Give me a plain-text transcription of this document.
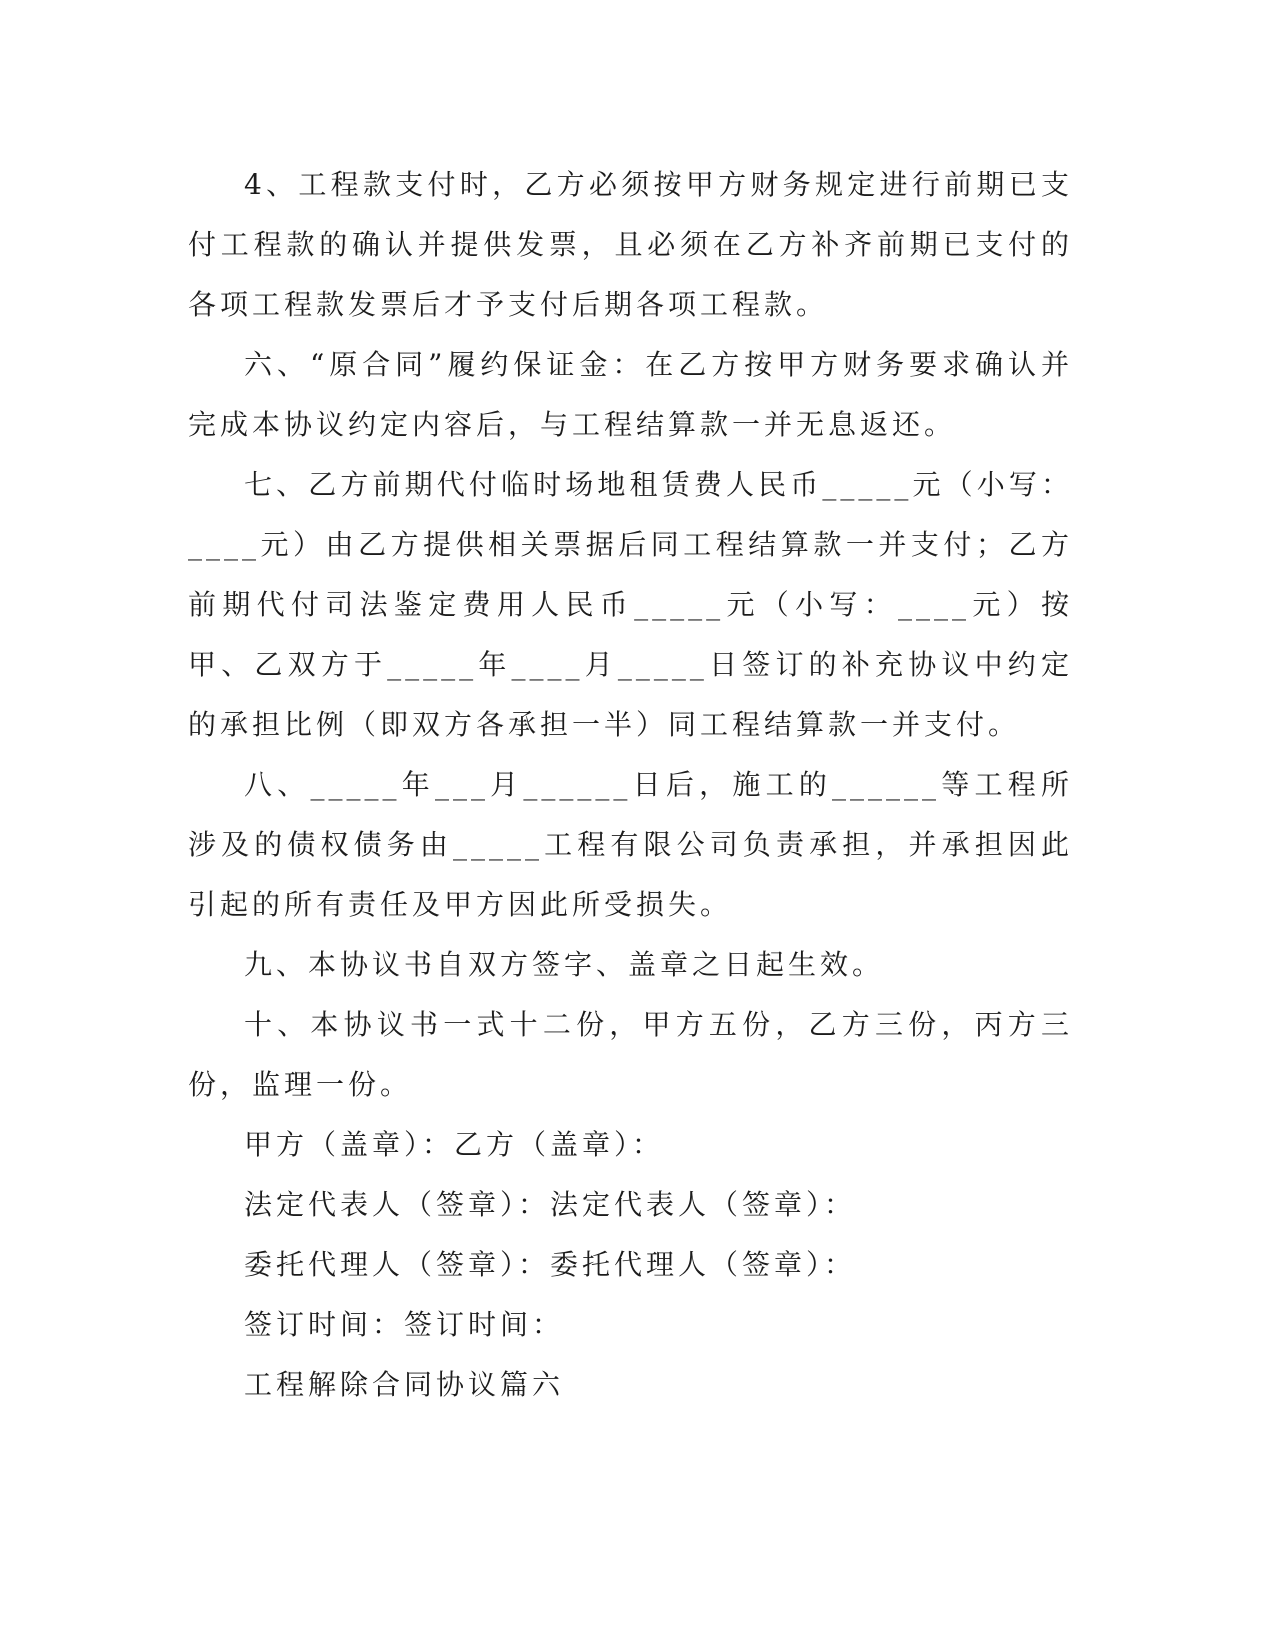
4、工程款支付时，乙方必须按甲方财务规定进行前期已支付工程款的确认并提供发票，且必须在乙方补齐前期已支付的各项工程款发票后才予支付后期各项工程款。

六、“原合同”履约保证金：在乙方按甲方财务要求确认并完成本协议约定内容后，与工程结算款一并无息返还。

七、乙方前期代付临时场地租赁费人民币_____元（小写：____元）由乙方提供相关票据后同工程结算款一并支付；乙方前期代付司法鉴定费用人民币_____元（小写：____元）按甲、乙双方于_____年____月_____日签订的补充协议中约定的承担比例（即双方各承担一半）同工程结算款一并支付。

八、_____年___月______日后，施工的______等工程所涉及的债权债务由_____工程有限公司负责承担，并承担因此引起的所有责任及甲方因此所受损失。

九、本协议书自双方签字、盖章之日起生效。

十、本协议书一式十二份，甲方五份，乙方三份，丙方三份，监理一份。

甲方（盖章）：乙方（盖章）：

法定代表人（签章）：法定代表人（签章）：

委托代理人（签章）：委托代理人（签章）：

签订时间：签订时间：

工程解除合同协议篇六
